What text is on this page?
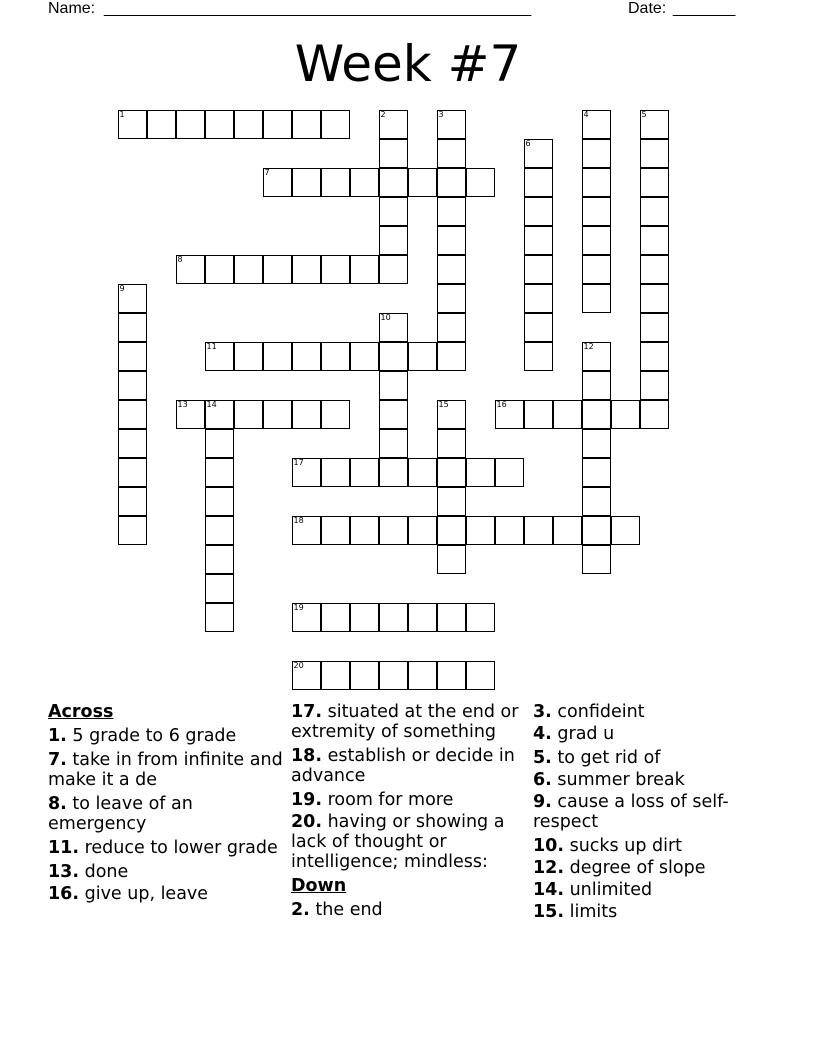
Name: ________________________________________________	Date: _______
Week #7
1	2	3	4	5
6
7
8
9
10
11	12
13 14	15	16
17
18
19
20
Across
1. 5 grade to 6 grade
7. take in from infinite and make it a de
8. to leave of an emergency
11. reduce to lower grade
13. done
16. give up, leave
17. situated at the end or extremity of something
18. establish or decide in advance
19. room for more
20. having or showing a lack of thought or intelligence; mindless:
Down
2. the end
3. confideint
4. grad u
5. to get rid of
6. summer break
9. cause a loss of self-respect
10. sucks up dirt
12. degree of slope
14. unlimited
15. limits
